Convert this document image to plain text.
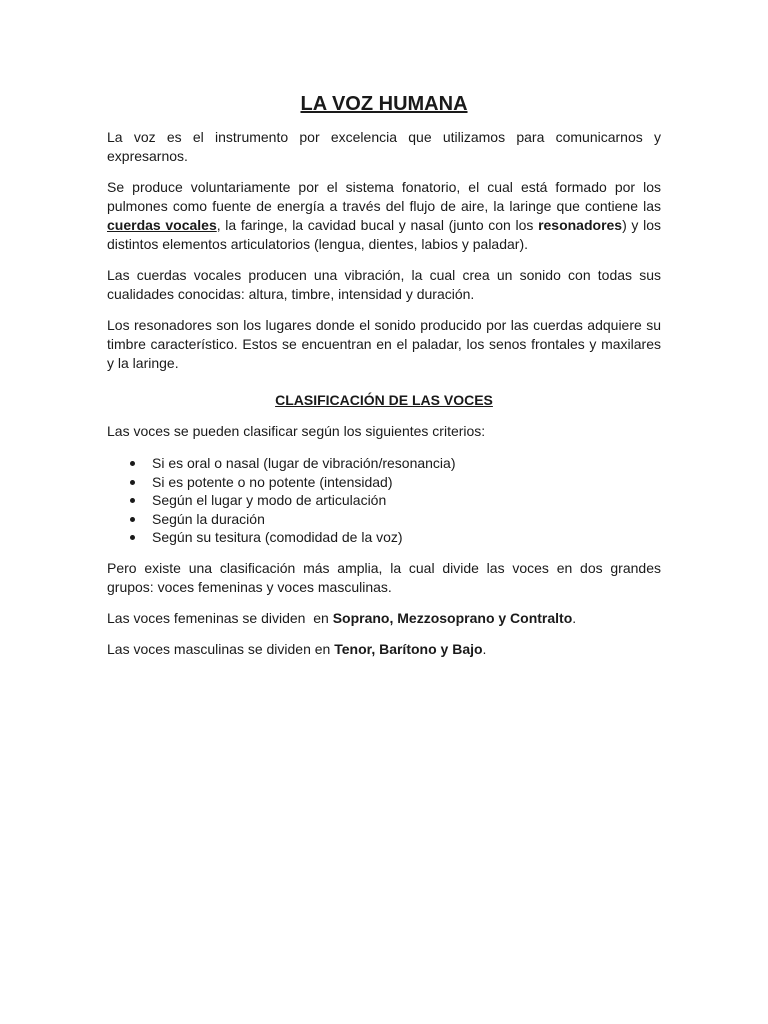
LA VOZ HUMANA

La voz es el instrumento por excelencia que utilizamos para comunicarnos y expresarnos.

Se produce voluntariamente por el sistema fonatorio, el cual está formado por los pulmones como fuente de energía a través del flujo de aire, la laringe que contiene las cuerdas vocales, la faringe, la cavidad bucal y nasal (junto con los resonadores) y los distintos elementos articulatorios (lengua, dientes, labios y paladar).

Las cuerdas vocales producen una vibración, la cual crea un sonido con todas sus cualidades conocidas: altura, timbre, intensidad y duración.

Los resonadores son los lugares donde el sonido producido por las cuerdas adquiere su timbre característico. Estos se encuentran en el paladar, los senos frontales y maxilares y la laringe.

CLASIFICACIÓN DE LAS VOCES

Las voces se pueden clasificar según los siguientes criterios:

Si es oral o nasal (lugar de vibración/resonancia)
Si es potente o no potente (intensidad)
Según el lugar y modo de articulación
Según la duración
Según su tesitura (comodidad de la voz)

Pero existe una clasificación más amplia, la cual divide las voces en dos grandes grupos: voces femeninas y voces masculinas.

Las voces femeninas se dividen  en Soprano, Mezzosoprano y Contralto.

Las voces masculinas se dividen en Tenor, Barítono y Bajo.
